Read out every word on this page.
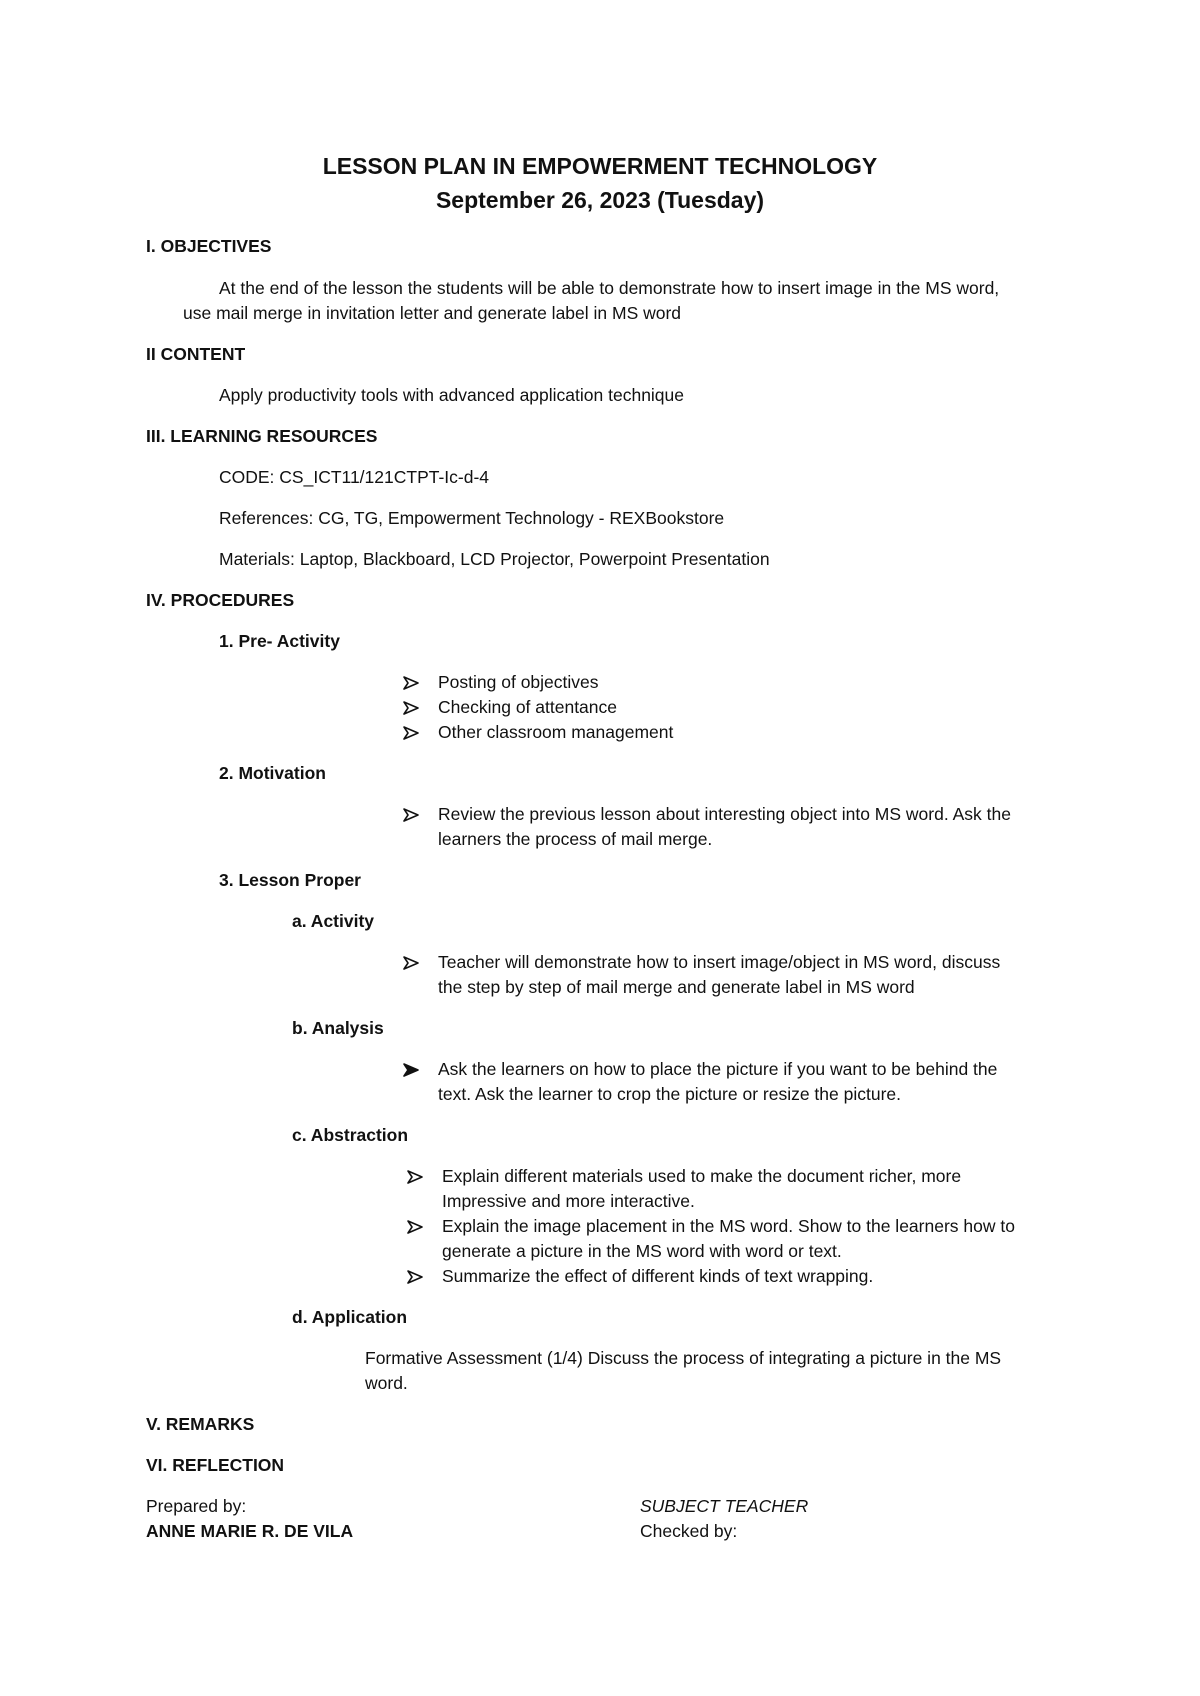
LESSON PLAN IN EMPOWERMENT TECHNOLOGY
September 26, 2023 (Tuesday)
I. OBJECTIVES
At the end of the lesson the students will be able to demonstrate how to insert image in the MS word,
use mail merge in invitation letter and generate label in MS word
II CONTENT
Apply productivity tools with advanced application technique
III. LEARNING RESOURCES
CODE: CS_ICT11/121CTPT-Ic-d-4
References: CG, TG, Empowerment Technology - REXBookstore
Materials: Laptop, Blackboard, LCD Projector, Powerpoint Presentation
IV. PROCEDURES
1. Pre- Activity
Posting of objectives
Checking of attentance
Other classroom management
2. Motivation
Review the previous lesson about interesting object into MS word. Ask the
learners the process of mail merge.
3. Lesson Proper
a. Activity
Teacher will demonstrate how to insert image/object in MS word, discuss
the step by step of mail merge and generate label in MS word
b. Analysis
Ask the learners on how to place the picture if you want to be behind the
text. Ask the learner to crop the picture or resize the picture.
c. Abstraction
Explain different materials used to make the document richer, more
Impressive and more interactive.
Explain the image placement in the MS word. Show to the learners how to
generate a picture in the MS word with word or text.
Summarize the effect of different kinds of text wrapping.
d. Application
Formative Assessment (1/4) Discuss the process of integrating a picture in the MS
word.
V. REMARKS
VI. REFLECTION
Prepared by:
ANNE MARIE R. DE VILA
SUBJECT TEACHER
Checked by:
